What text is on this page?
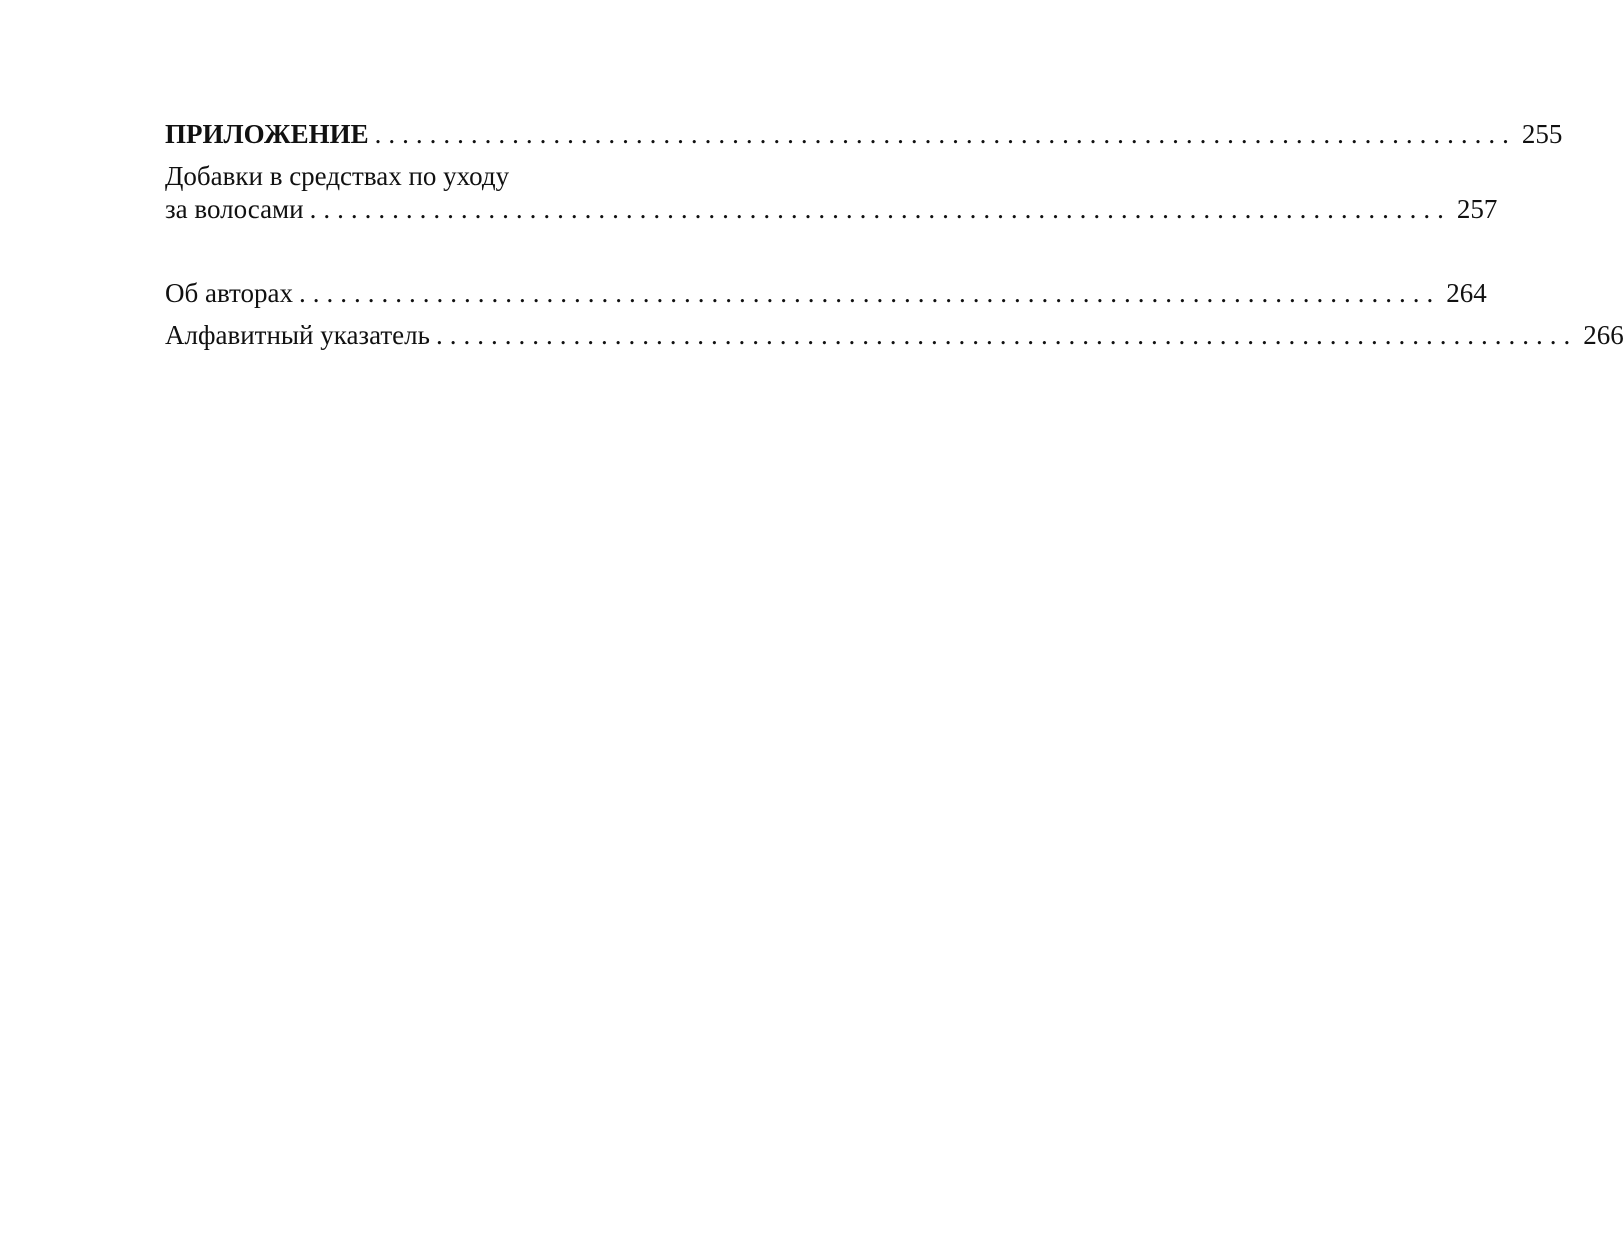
ПРИЛОЖЕНИЕ ................................................................................... 255
Добавки в средствах по уходу
за волосами ................................................................................... 257
Об авторах ................................................................................... 264
Алфавитный указатель ................................................................................... 266
